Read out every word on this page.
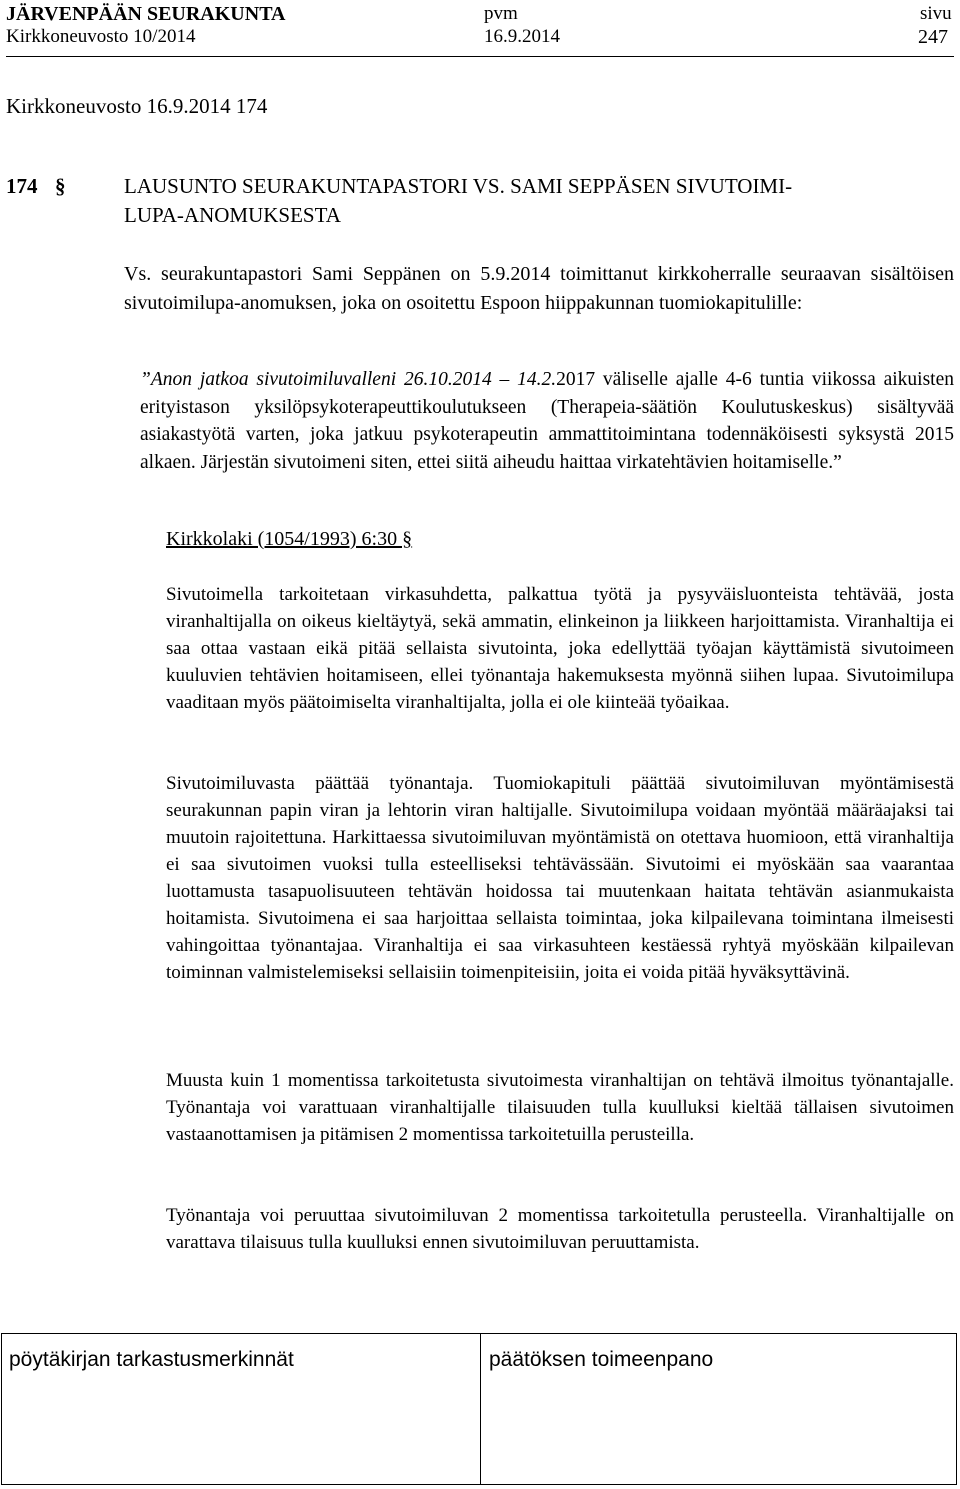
JÄRVENPÄÄN SEURAKUNTA
Kirkkoneuvosto 10/2014
pvm
16.9.2014
sivu
247
Kirkkoneuvosto 16.9.2014 174
174 §	LAUSUNTO SEURAKUNTAPASTORI VS. SAMI SEPPÄSEN SIVUTOIMI-
LUPA-ANOMUKSESTA
Vs. seurakuntapastori Sami Seppänen on 5.9.2014 toimittanut kirkkoherralle seuraavan sisältöisen sivutoimilupa-anomuksen, joka on osoitettu Espoon hiippakunnan tuomiokapitulille:
”Anon jatkoa sivutoimiluvalleni 26.10.2014 – 14.2.2017 väliselle ajalle 4-6 tuntia viikossa aikuisten erityistason yksilöpsykoterapeuttikoulutukseen (Therapeia-säätiön Koulutuskeskus) sisältyvää asiakastyötä varten, joka jatkuu psykoterapeutin ammattitoimintana todennäköisesti syksystä 2015 alkaen. Järjestän sivutoimeni siten, ettei siitä aiheudu haittaa virkatehtävien hoitamiselle.”
Kirkkolaki (1054/1993) 6:30 §
Sivutoimella tarkoitetaan virkasuhdetta, palkattua työtä ja pysyväisluonteista tehtävää, josta viranhaltijalla on oikeus kieltäytyä, sekä ammatin, elinkeinon ja liikkeen harjoittamista. Viranhaltija ei saa ottaa vastaan eikä pitää sellaista sivutointa, joka edellyttää työajan käyttämistä sivutoimeen kuuluvien tehtävien hoitamiseen, ellei työnantaja hakemuksesta myönnä siihen lupaa. Sivutoimilupa vaaditaan myös päätoimiselta viranhaltijalta, jolla ei ole kiinteää työaikaa.
Sivutoimiluvasta päättää työnantaja. Tuomiokapituli päättää sivutoimiluvan myöntämisestä seurakunnan papin viran ja lehtorin viran haltijalle. Sivutoimilupa voidaan myöntää määräajaksi tai muutoin rajoitettuna. Harkittaessa sivutoimiluvan myöntämistä on otettava huomioon, että viranhaltija ei saa sivutoimen vuoksi tulla esteelliseksi tehtävässään. Sivutoimi ei myöskään saa vaarantaa luottamusta tasapuolisuuteen tehtävän hoidossa tai muutenkaan haitata tehtävän asianmukaista hoitamista. Sivutoimena ei saa harjoittaa sellaista toimintaa, joka kilpailevana toimintana ilmeisesti vahingoittaa työnantajaa. Viranhaltija ei saa virkasuhteen kestäessä ryhtyä myöskään kilpailevan toiminnan valmistelemiseksi sellaisiin toimenpiteisiin, joita ei voida pitää hyväksyttävinä.
Muusta kuin 1 momentissa tarkoitetusta sivutoimesta viranhaltijan on tehtävä ilmoitus työnantajalle. Työnantaja voi varattuaan viranhaltijalle tilaisuuden tulla kuulluksi kieltää tällaisen sivutoimen vastaanottamisen ja pitämisen 2 momentissa tarkoitetuilla perusteilla.
Työnantaja voi peruuttaa sivutoimiluvan 2 momentissa tarkoitetulla perusteella. Viranhaltijalle on varattava tilaisuus tulla kuulluksi ennen sivutoimiluvan peruuttamista.
pöytäkirjan tarkastusmerkinnät	päätöksen toimeenpano
